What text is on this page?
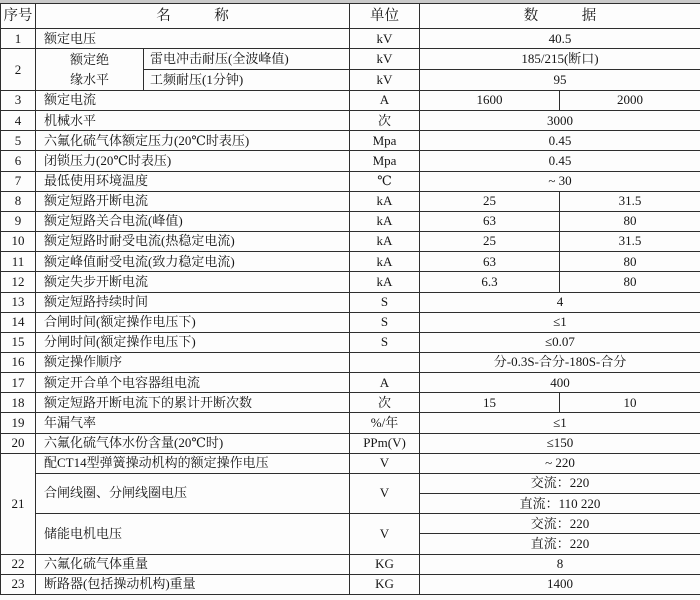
序号	名　　　称		单位	数　　　据	
1	额定电压		kV	40.5	
2	额定绝缘水平	雷电冲击耐压(全波峰值)	kV	185/215(断口)	
		工频耐压(1分钟)	kV	95	
3	额定电流		A	1600	2000
4	机械水平		次	3000	
5	六氟化硫气体额定压力(20℃时表压)		Mpa	0.45	
6	闭锁压力(20℃时表压)		Mpa	0.45	
7	最低使用环境温度		℃	~ 30	
8	额定短路开断电流		kA	25	31.5
9	额定短路关合电流(峰值)		kA	63	80
10	额定短路时耐受电流(热稳定电流)		kA	25	31.5
11	额定峰值耐受电流(致力稳定电流)		kA	63	80
12	额定失步开断电流		kA	6.3	80
13	额定短路持续时间		S	4	
14	合闸时间(额定操作电压下)		S	≤1	
15	分闸时间(额定操作电压下)		S	≤0.07	
16	额定操作顺序			分-0.3S-合分-180S-合分	
17	额定开合单个电容器组电流		A	400	
18	额定短路开断电流下的累计开断次数		次	15	10
19	年漏气率		%/年	≤1	
20	六氟化硫气体水份含量(20℃时)		PPm(V)	≤150	
21	配CT14型弹簧操动机构的额定操作电压		V	~ 220	
	合闸线圈、分闸线圈电压		V	交流：220	
				直流：110 220	
	储能电机电压		V	交流：220	
				直流：220	
22	六氟化硫气体重量		KG	8	
23	断路器(包括操动机构)重量		KG	1400	
